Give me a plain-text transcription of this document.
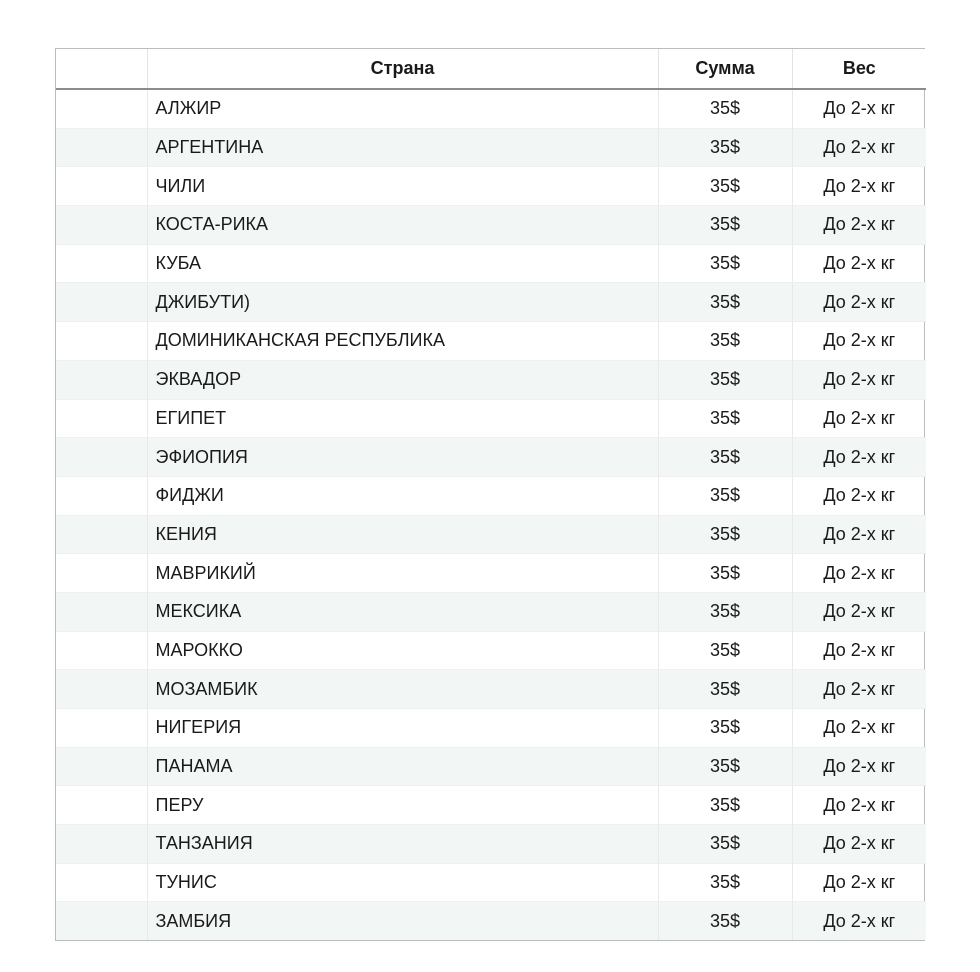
	Страна	Сумма	Вес
	АЛЖИР	35$	До 2-х кг
	АРГЕНТИНА	35$	До 2-х кг
	ЧИЛИ	35$	До 2-х кг
	КОСТА-РИКА	35$	До 2-х кг
	КУБА	35$	До 2-х кг
	ДЖИБУТИ)	35$	До 2-х кг
	ДОМИНИКАНСКАЯ РЕСПУБЛИКА	35$	До 2-х кг
	ЭКВАДОР	35$	До 2-х кг
	ЕГИПЕТ	35$	До 2-х кг
	ЭФИОПИЯ	35$	До 2-х кг
	ФИДЖИ	35$	До 2-х кг
	КЕНИЯ	35$	До 2-х кг
	МАВРИКИЙ	35$	До 2-х кг
	МЕКСИКА	35$	До 2-х кг
	МАРОККО	35$	До 2-х кг
	МОЗАМБИК	35$	До 2-х кг
	НИГЕРИЯ	35$	До 2-х кг
	ПАНАМА	35$	До 2-х кг
	ПЕРУ	35$	До 2-х кг
	ТАНЗАНИЯ	35$	До 2-х кг
	ТУНИС	35$	До 2-х кг
	ЗАМБИЯ	35$	До 2-х кг
